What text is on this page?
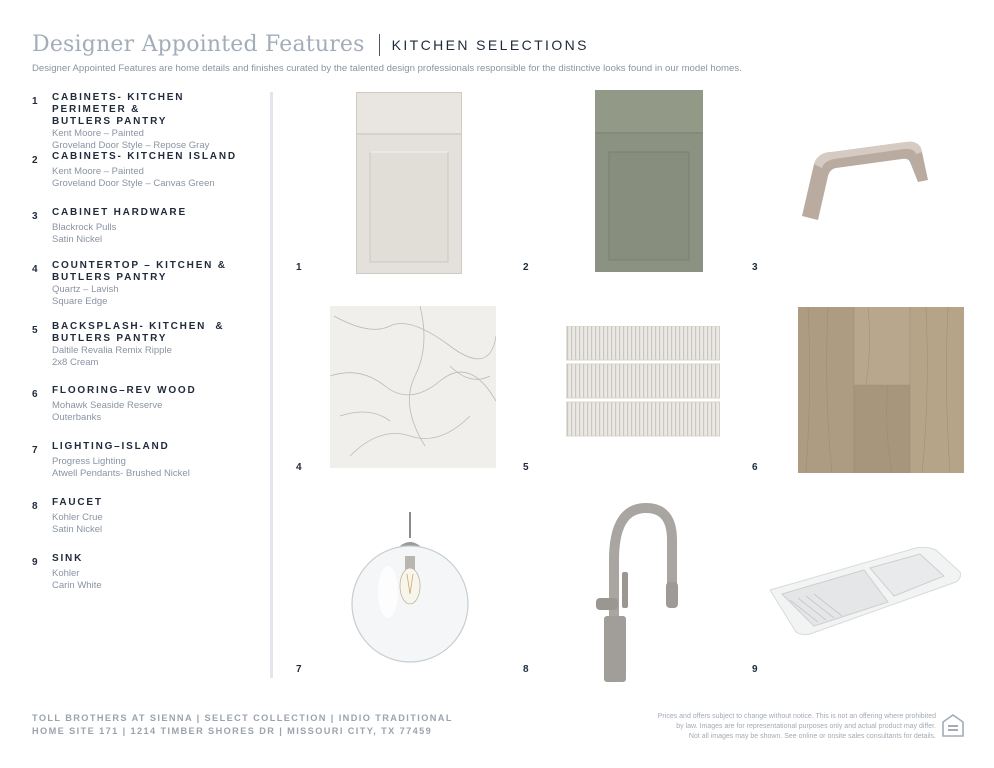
Designer Appointed Features KITCHEN SELECTIONS
Designer Appointed Features are home details and finishes curated by the talented design professionals responsible for the distinctive looks found in our model homes.
1	CABINETS- KITCHEN PERIMETER &
BUTLERS PANTRY
Kent Moore – Painted
Groveland Door Style – Repose Gray
2	CABINETS- KITCHEN ISLAND
Kent Moore – Painted
Groveland Door Style – Canvas Green
3	CABINET HARDWARE
Blackrock Pulls
Satin Nickel
4	COUNTERTOP – KITCHEN &
BUTLERS PANTRY
Quartz – Lavish
Square Edge
5	BACKSPLASH- KITCHEN  &
BUTLERS PANTRY
Daltile Revalia Remix Ripple
2x8 Cream
6	FLOORING–REV WOOD
Mohawk Seaside Reserve
Outerbanks
7	LIGHTING–ISLAND
Progress Lighting
Atwell Pendants- Brushed Nickel
8	FAUCET
Kohler Crue
Satin Nickel
9	SINK
Kohler
Carin White
1	2	3
4	5	6
7	8	9
TOLL BROTHERS AT SIENNA | SELECT COLLECTION | INDIO TRADITIONAL
HOME SITE 171 | 1214 TIMBER SHORES DR | MISSOURI CITY, TX 77459
Prices and offers subject to change without notice. This is not an offering where prohibited
by law. Images are for representational purposes only and actual product may differ.
Not all images may be shown. See online or onsite sales consultants for details.
